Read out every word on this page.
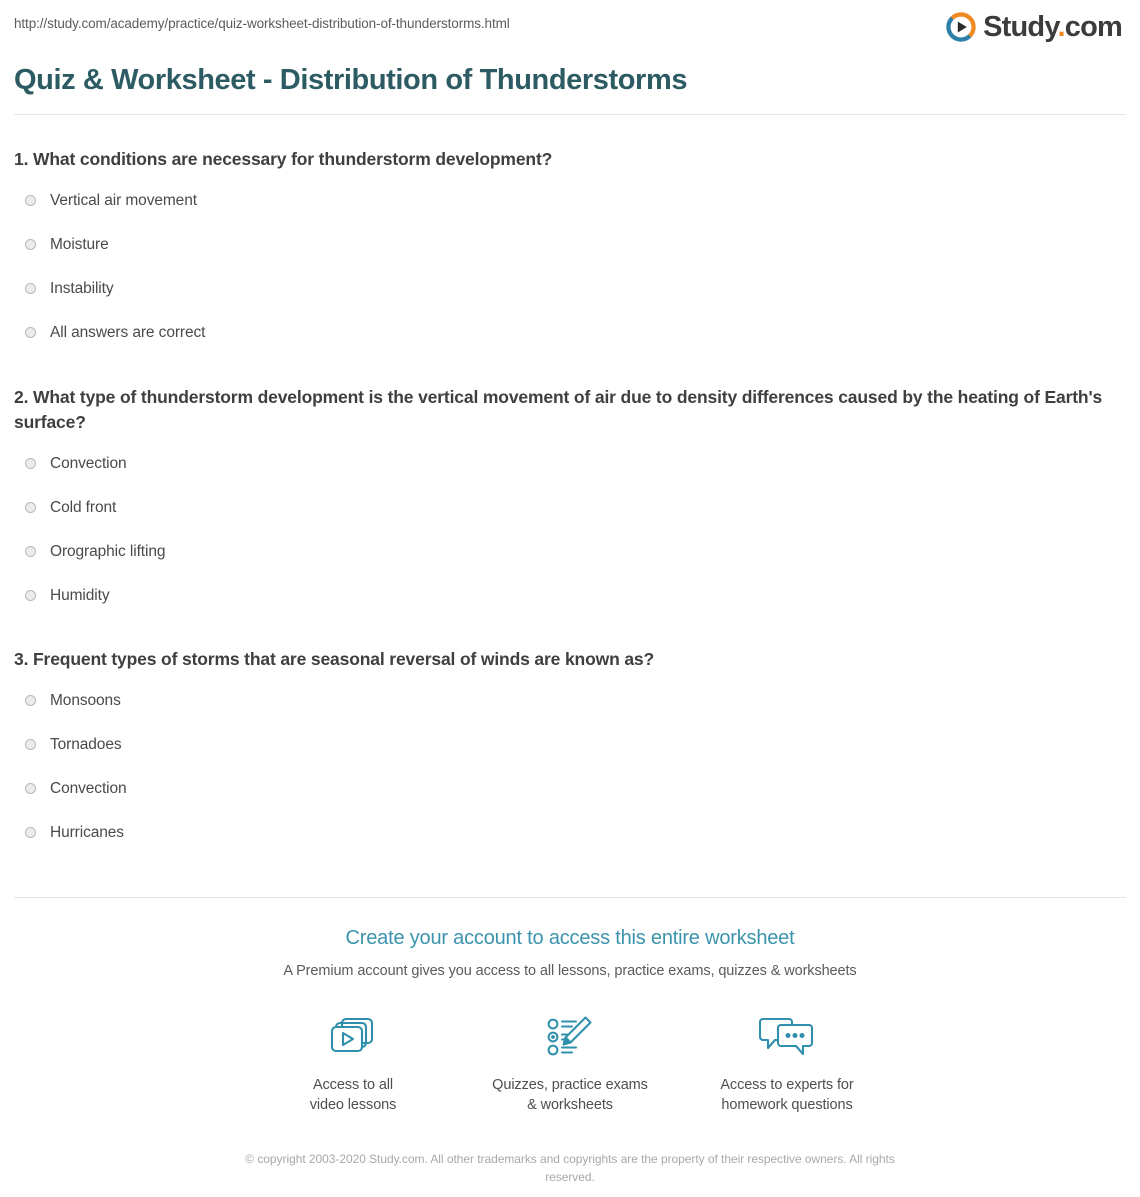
http://study.com/academy/practice/quiz-worksheet-distribution-of-thunderstorms.html	Study.com
Quiz & Worksheet - Distribution of Thunderstorms

1. What conditions are necessary for thunderstorm development?

Vertical air movement
Moisture
Instability
All answers are correct

2. What type of thunderstorm development is the vertical movement of air due to density differences caused by the heating of Earth's surface?

Convection
Cold front
Orographic lifting
Humidity

3. Frequent types of storms that are seasonal reversal of winds are known as?

Monsoons
Tornadoes
Convection
Hurricanes
Create your account to access this entire worksheet

A Premium account gives you access to all lessons, practice exams, quizzes & worksheets

Access to all
video lessons
Quizzes, practice exams
& worksheets
Access to experts for
homework questions
© copyright 2003-2020 Study.com. All other trademarks and copyrights are the property of their respective owners. All rights reserved.
